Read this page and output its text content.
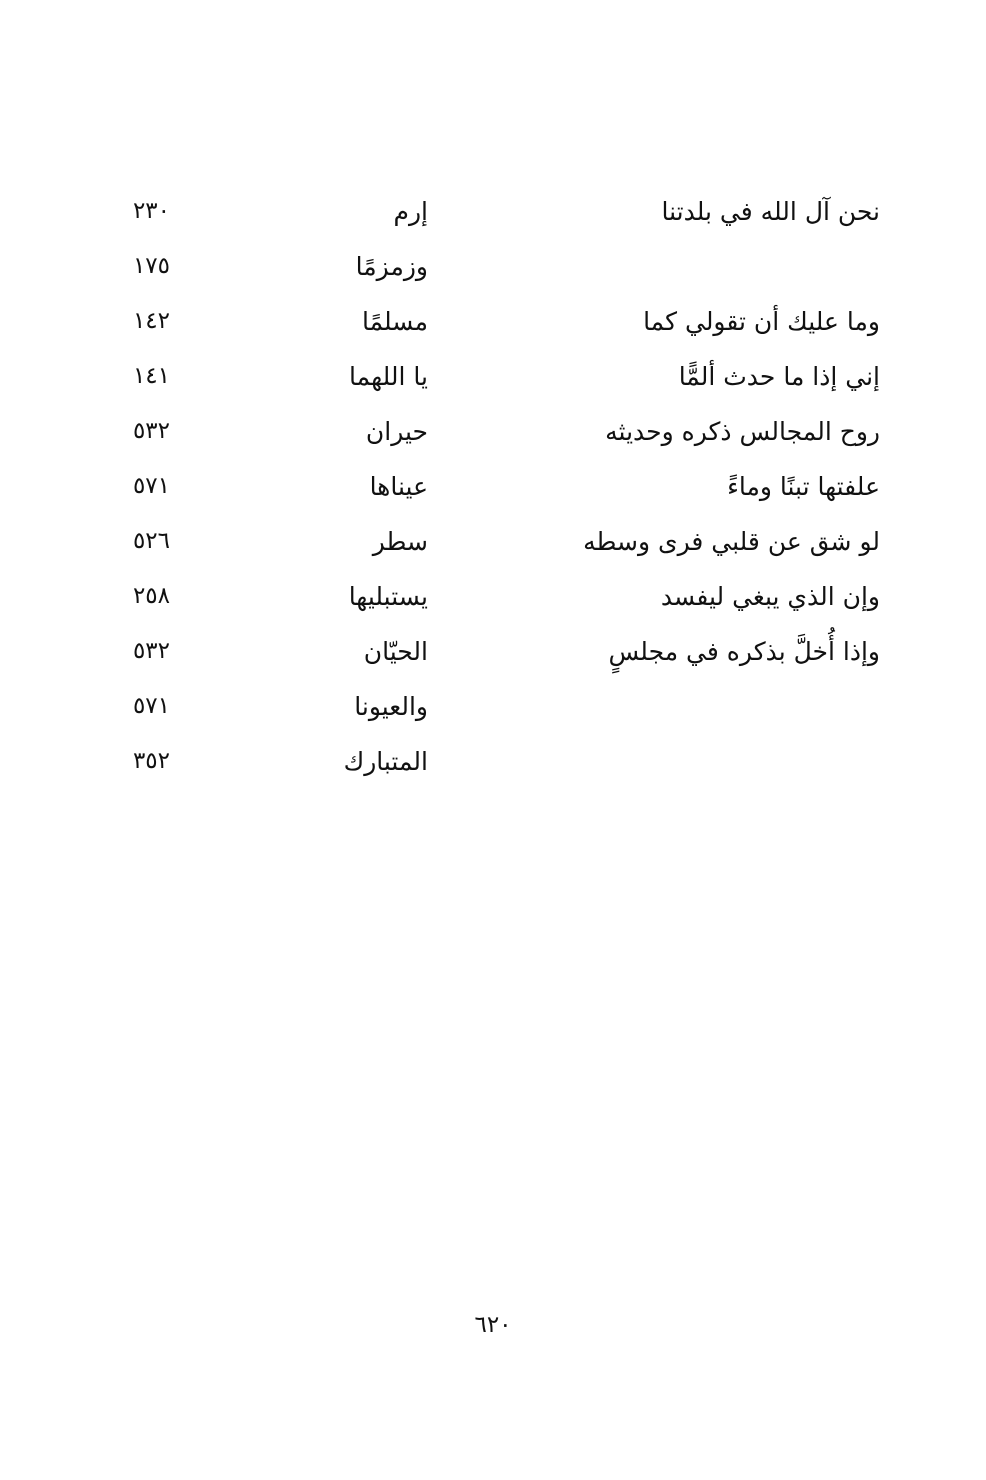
نحن آل الله في بلدتنا
إرم
٢٣٠
وزمزمًا
١٧٥
وما عليك أن تقولي كما
مسلمًا
١٤٢
إني إذا ما حدث ألمًّا
يا اللهما
١٤١
روح المجالس ذكره وحديثه
حيران
٥٣٢
علفتها تبنًا وماءً
عيناها
٥٧١
لو شق عن قلبي فرى وسطه
سطر
٥٢٦
وإن الذي يبغي ليفسد
يستبليها
٢٥٨
وإذا أُخلَّ بذكره في مجلسٍ
الحيّان
٥٣٢
والعيونا
٥٧١
المتبارك
٣٥٢
٦٢٠
